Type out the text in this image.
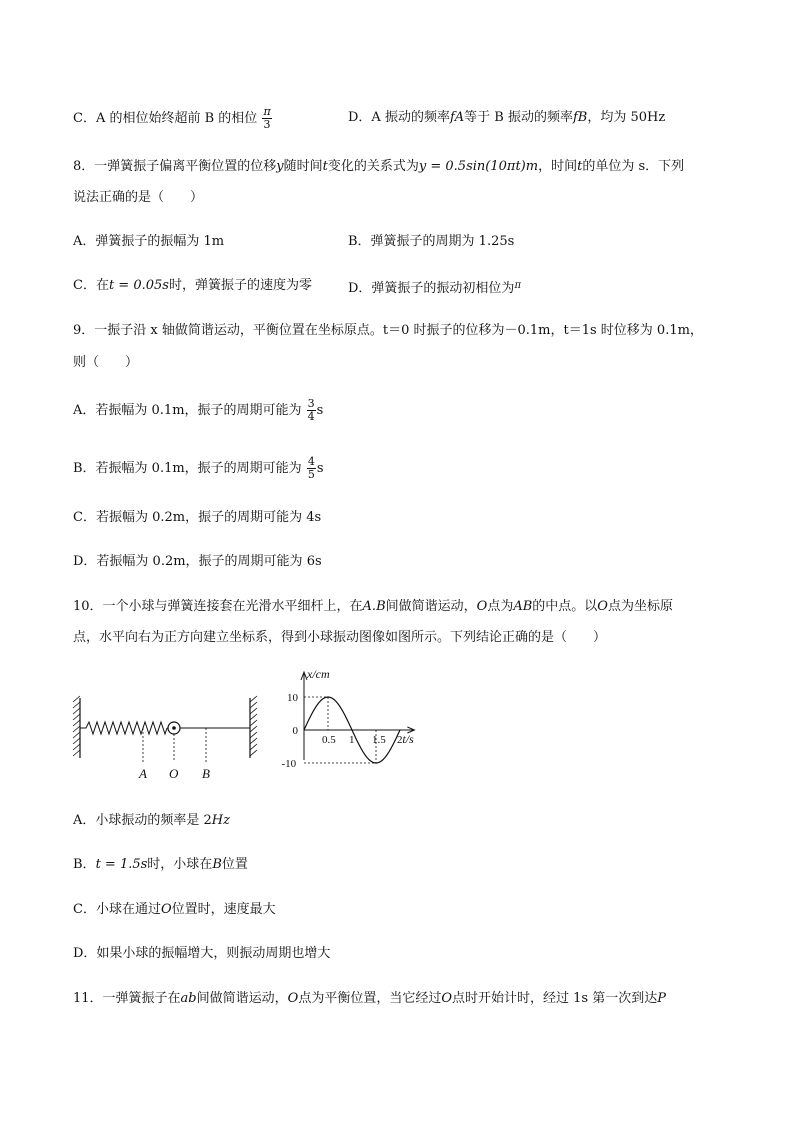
C．A 的相位始终超前 B 的相位 $\frac{\pi}{3}$	D．A 振动的频率fA等于 B 振动的频率fB，均为 50Hz
8．一弹簧振子偏离平衡位置的位移y随时间t变化的关系式为y = 0.5sin(10πt)m，时间t的单位为 s．下列
说法正确的是（　　）
A．弹簧振子的振幅为 1m	B．弹簧振子的周期为 1.25s
C．在t = 0.05s时，弹簧振子的速度为零	D．弹簧振子的振动初相位为$^\pi$
9．一振子沿 x 轴做简谐运动，平衡位置在坐标原点。t＝0 时振子的位移为－0.1m，t＝1s 时位移为 0.1m，
则（　　）
A．若振幅为 0.1m，振子的周期可能为 $\frac{3}{4}$ s
B．若振幅为 0.1m，振子的周期可能为 $\frac{4}{5}$ s
C．若振幅为 0.2m，振子的周期可能为 4s
D．若振幅为 0.2m，振子的周期可能为 6s
10．一个小球与弹簧连接套在光滑水平细杆上，在A.B间做简谐运动，O点为AB的中点。以O点为坐标原
点，水平向右为正方向建立坐标系，得到小球振动图像如图所示。下列结论正确的是（　　）
A O B
0.5 1 1.5 2
10
0
-10
x/cm
t/s
A．小球振动的频率是 2Hz
B．t = 1.5s时，小球在B位置
C．小球在通过O位置时，速度最大
D．如果小球的振幅增大，则振动周期也增大
11．一弹簧振子在ab间做简谐运动，O点为平衡位置，当它经过O点时开始计时，经过 1s 第一次到达P
